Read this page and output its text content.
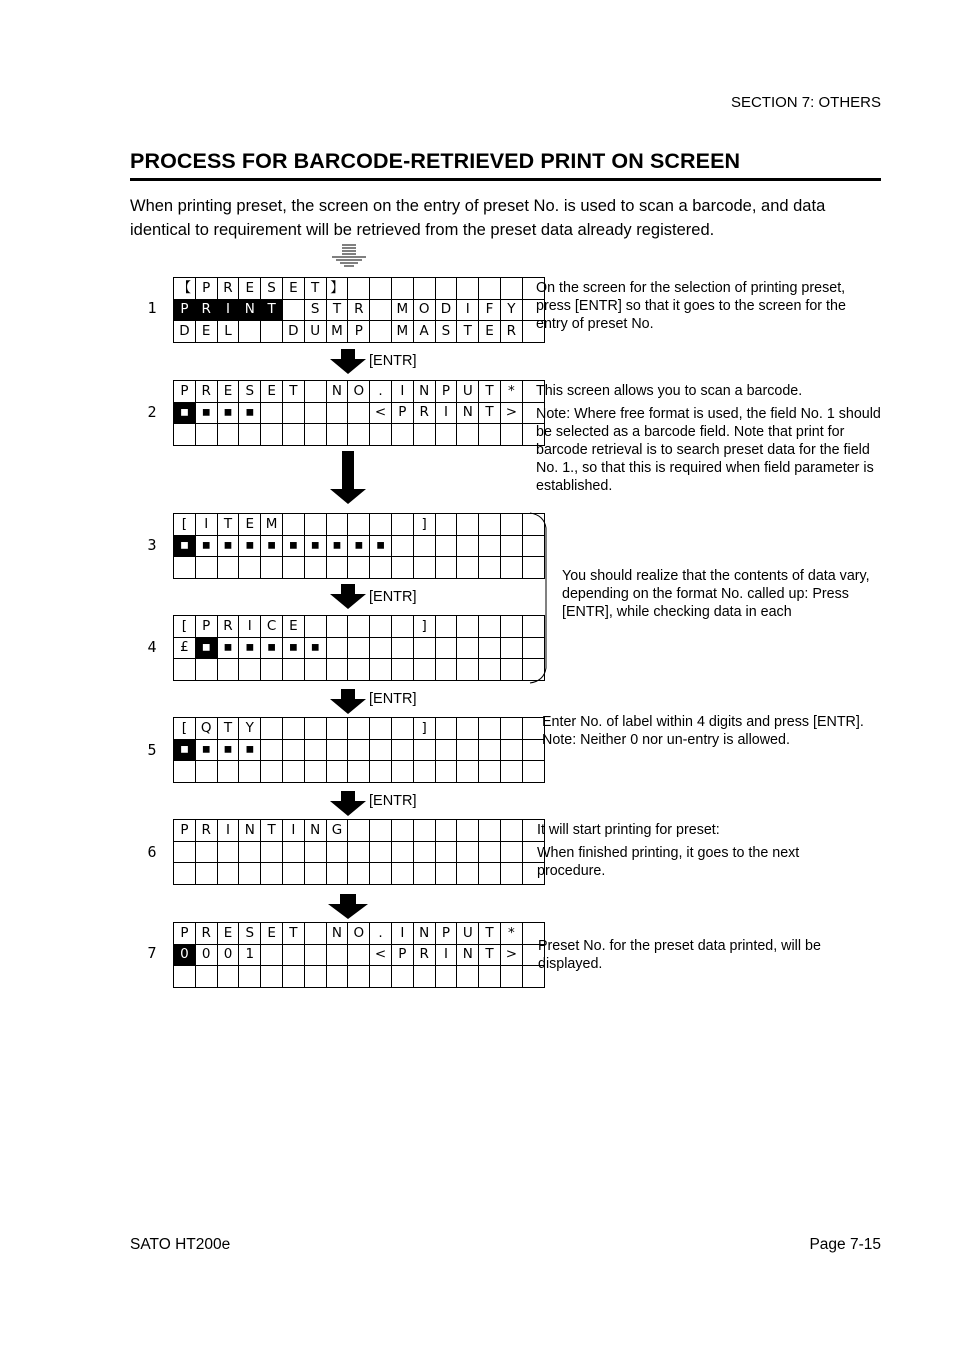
SECTION 7: OTHERS
PROCESS FOR BARCODE-RETRIEVED PRINT ON SCREEN
When printing preset, the screen on the entry of preset No. is used to scan a barcode, and data identical to requirement will be retrieved from the preset data already registered.
1
【	P	R	E	S	E	T	】									
P	R	I	N	T		S	T	R		M	O	D	I	F	Y	
D	E	L			D	U	M	P		M	A	S	T	E	R	

On the screen for the selection of printing preset, press [ENTR] so that it goes to the screen for the entry of preset No.

[ENTR]
2
P	R	E	S	E	T		N	O	.	I	N	P	U	T	*	
▪	▪	▪	▪						<	P	R	I	N	T	>	

This screen allows you to scan a barcode.

Note: Where free format is used, the field No. 1 should be selected as a barcode field. Note that print for barcode retrieval is to search preset data for the field No. 1., so that this is required when field parameter is established.

3
[	I	T	E	M							]					
▪	▪	▪	▪	▪	▪	▪	▪	▪	▪							

[ENTR]
4
[	P	R	I	C	E						]					
£	▪	▪	▪	▪	▪	▪										

You should realize that the contents of data vary, depending on the format No. called up: Press [ENTR], while checking data in each

[ENTR]
5
[	Q	T	Y								]					
▪	▪	▪	▪													

Enter No. of label within 4 digits and press [ENTR]. Note: Neither 0 nor un-entry is allowed.

[ENTR]
6
P	R	I	N	T	I	N	G									

																	It will start printing for preset:

When finished printing, it goes to the next procedure.

7
P	R	E	S	E	T		N	O	.	I	N	P	U	T	*	
0	0	0	1						<	P	R	I	N	T	>	
																Preset No. for the preset data printed, will be displayed.

SATO HT200e	Page 7-15
